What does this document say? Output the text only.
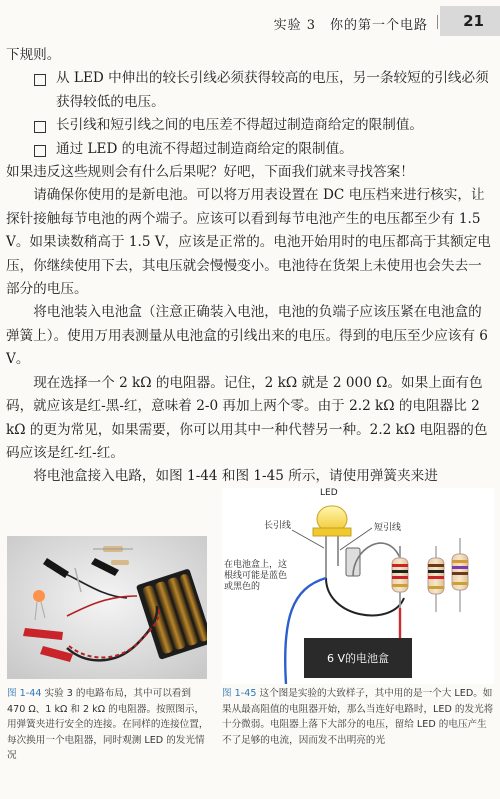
实验 3　你的第一个电路 21

下规则。

从 LED 中伸出的较长引线必须获得较高的电压，另一条较短的引线必须获得较低的电压。
长引线和短引线之间的电压差不得超过制造商给定的限制值。
通过 LED 的电流不得超过制造商给定的限制值。

如果违反这些规则会有什么后果呢？好吧，下面我们就来寻找答案！

请确保你使用的是新电池。可以将万用表设置在 DC 电压档来进行核实，让探针接触每节电池的两个端子。应该可以看到每节电池产生的电压都至少有 1.5 V。如果读数稍高于 1.5 V，应该是正常的。电池开始用时的电压都高于其额定电压，你继续使用下去，其电压就会慢慢变小。电池待在货架上未使用也会失去一部分的电压。

将电池装入电池盒（注意正确装入电池，电池的负端子应该压紧在电池盒的弹簧上）。使用万用表测量从电池盒的引线出来的电压。得到的电压至少应该有 6 V。

现在选择一个 2 kΩ 的电阻器。记住，2 kΩ 就是 2 000 Ω。如果上面有色码，就应该是红-黑-红，意味着 2-0 再加上两个零。由于 2.2 kΩ 的电阻器比 2 kΩ 的更为常见，如果需要，你可以用其中一种代替另一种。2.2 kΩ 电阻器的色码应该是红-红-红。

将电池盒接入电路，如图 1-44 和图 1-45 所示，请使用弹簧夹来进

6 V的电池盒
LED
长引线	短引线
在电池盒上，这根线可能是蓝色或黑色的
图 1-44 实验 3 的电路布局，其中可以看到 470 Ω、1 kΩ 和 2 kΩ 的电阻器。按照图示，用弹簧夹进行安全的连接。在同样的连接位置，每次换用一个电阻器，同时观测 LED 的发光情况
图 1-45 这个图是实验的大致样子，其中用的是一个大 LED。如果从最高阻值的电阻器开始，那么当连好电路时，LED 的发光将十分微弱。电阻器上落下大部分的电压，留给 LED 的电压产生不了足够的电流，因而发不出明亮的光
